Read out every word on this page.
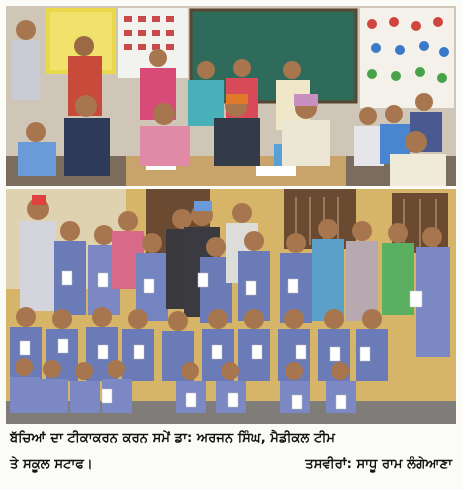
ਬੱਚਿਆਂ ਦਾ ਟੀਕਾਕਰਨ ਕਰਨ ਸਮੇਂ ਡਾ: ਅਰਜਨ ਸਿੰਘ, ਮੈਡੀਕਲ ਟੀਮ
ਤੇ ਸਕੂਲ ਸਟਾਫ।	ਤਸਵੀਰਾਂ: ਸਾਧੂ ਰਾਮ ਲੰਗੇਆਣਾ
